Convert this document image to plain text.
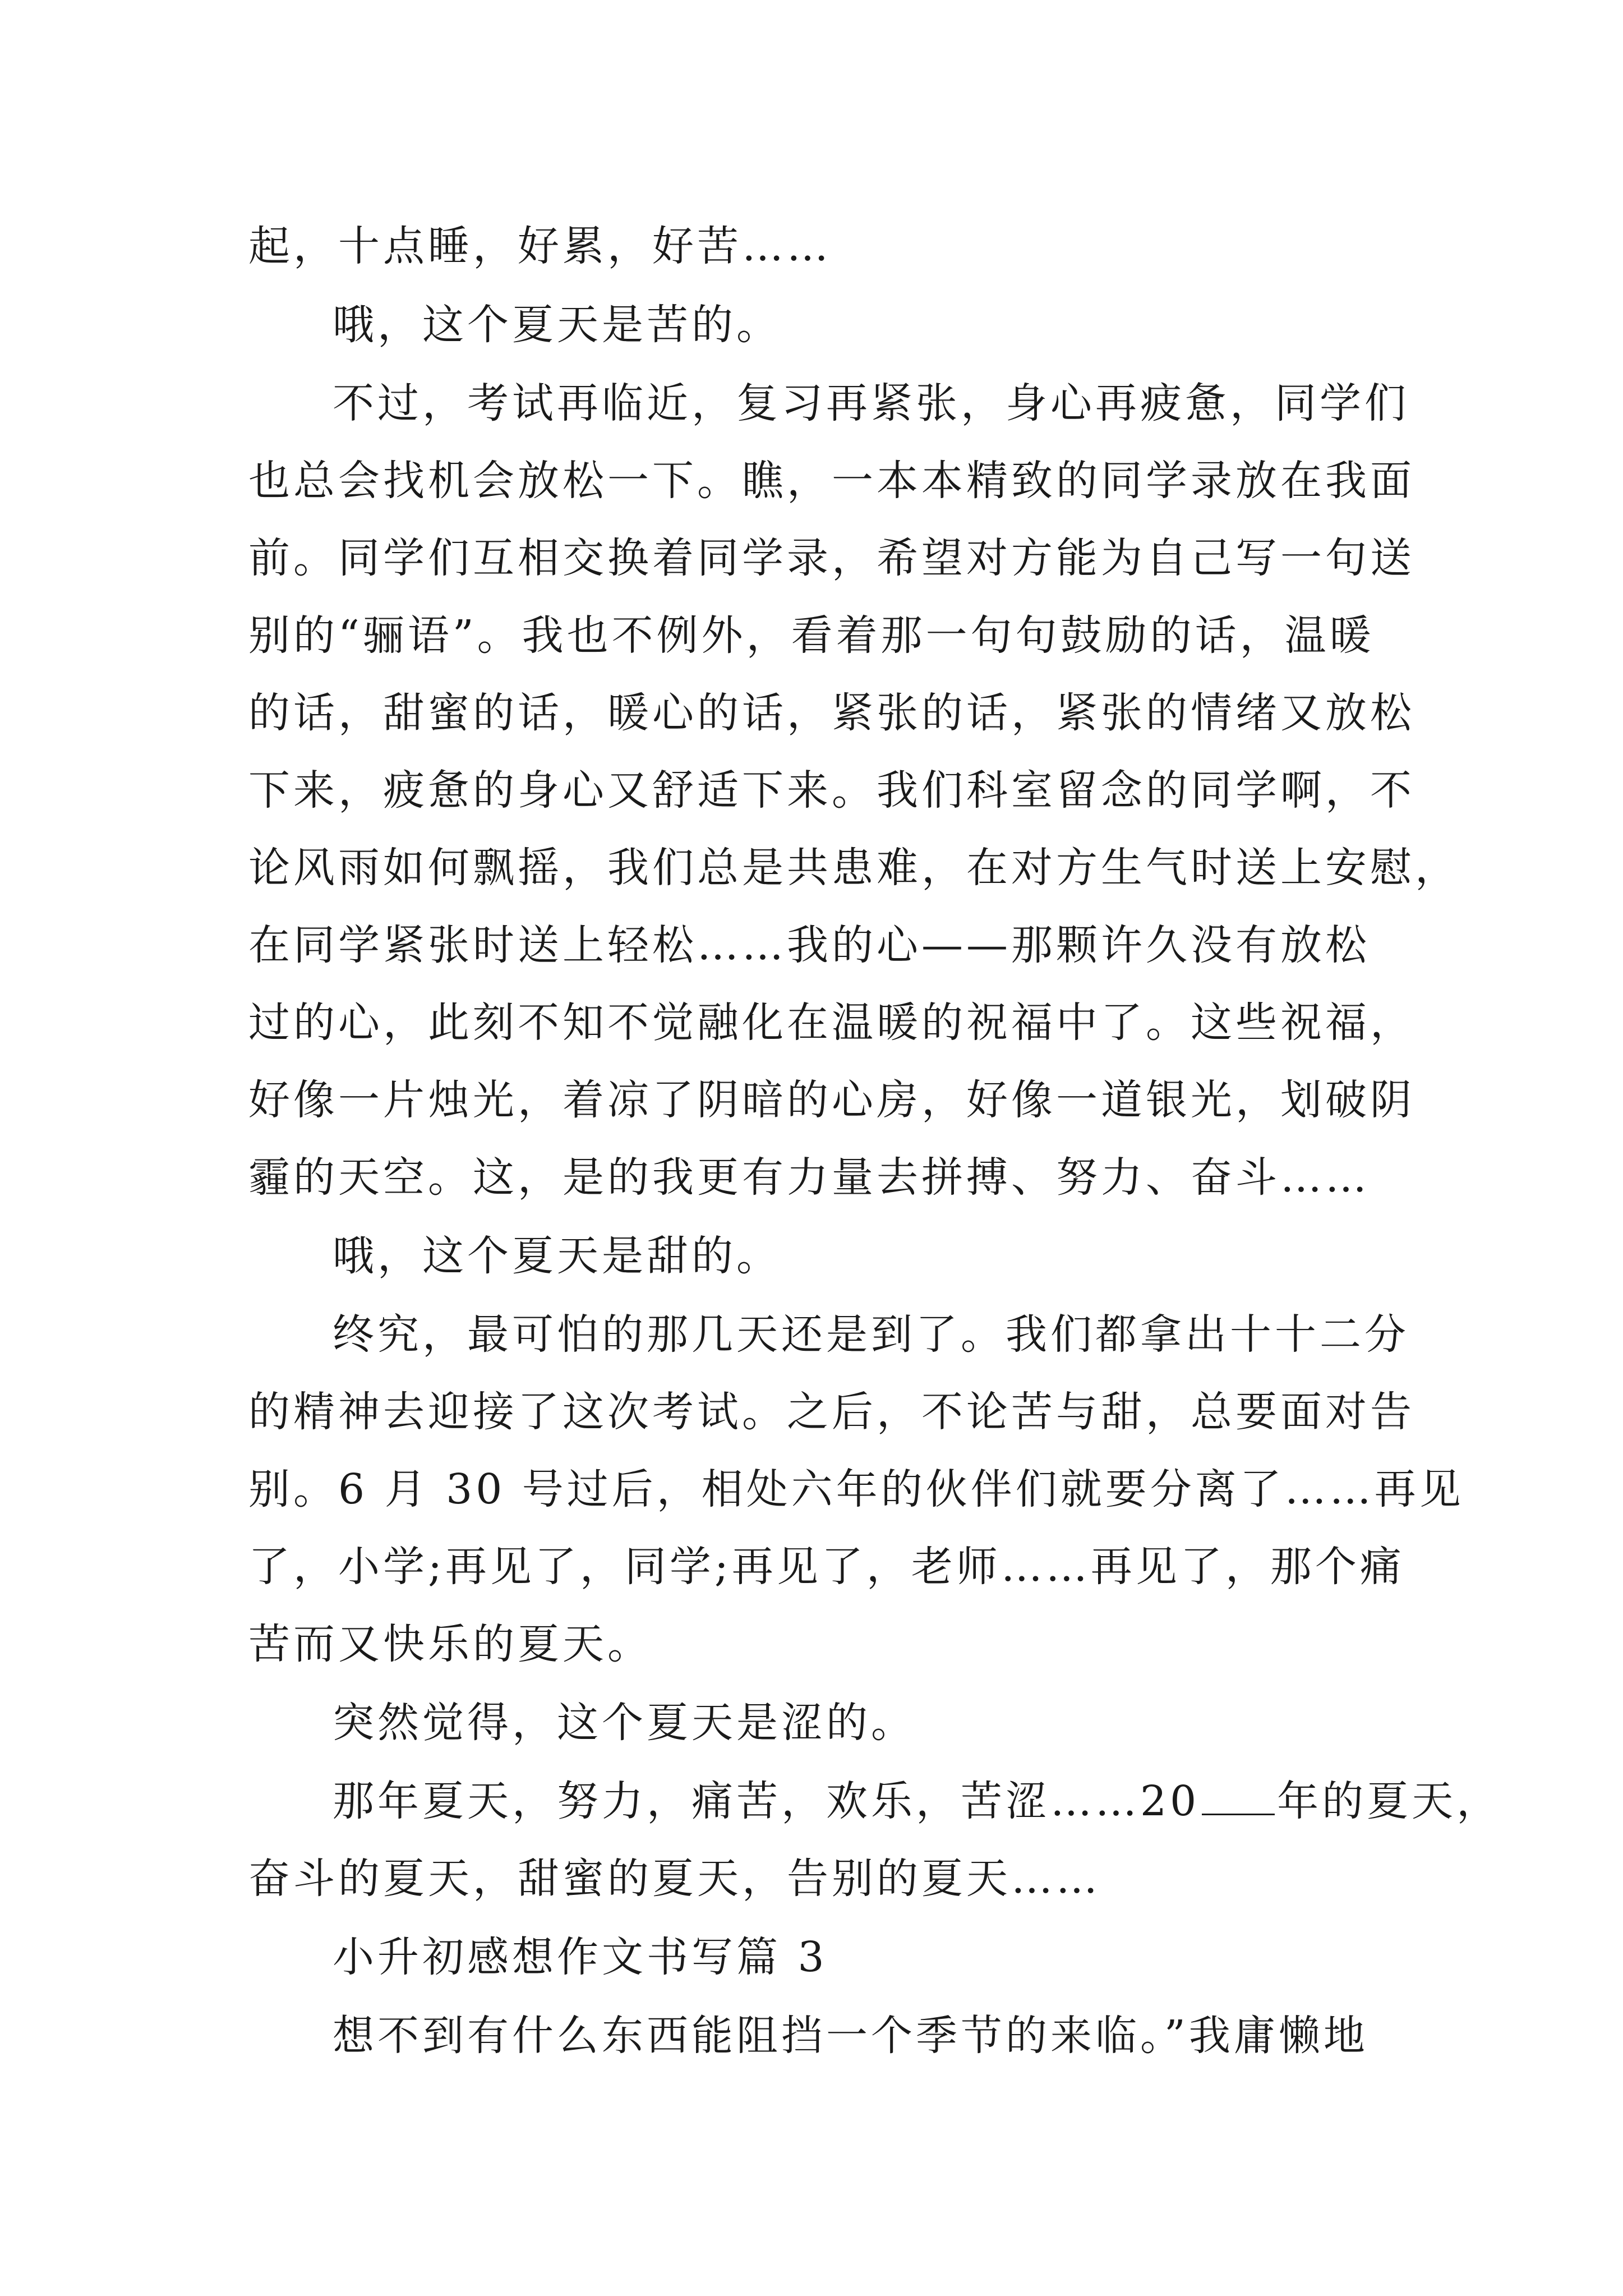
起，十点睡，好累，好苦……
哦，这个夏天是苦的。
不过，考试再临近，复习再紧张，身心再疲惫，同学们
也总会找机会放松一下。瞧，一本本精致的同学录放在我面
前。同学们互相交换着同学录，希望对方能为自己写一句送
别的“骊语”。我也不例外，看着那一句句鼓励的话，温暖
的话，甜蜜的话，暖心的话，紧张的话，紧张的情绪又放松
下来，疲惫的身心又舒适下来。我们科室留念的同学啊，不
论风雨如何飘摇，我们总是共患难，在对方生气时送上安慰，
在同学紧张时送上轻松……我的心——那颗许久没有放松
过的心，此刻不知不觉融化在温暖的祝福中了。这些祝福，
好像一片烛光，着凉了阴暗的心房，好像一道银光，划破阴
霾的天空。这，是的我更有力量去拼搏、努力、奋斗……
哦，这个夏天是甜的。
终究，最可怕的那几天还是到了。我们都拿出十十二分
的精神去迎接了这次考试。之后，不论苦与甜，总要面对告
别。6 月 30 号过后，相处六年的伙伴们就要分离了……再见
了，小学;再见了，同学;再见了，老师……再见了，那个痛
苦而又快乐的夏天。
突然觉得，这个夏天是涩的。
那年夏天，努力，痛苦，欢乐，苦涩……20 年的夏天，
奋斗的夏天，甜蜜的夏天，告别的夏天……
小升初感想作文书写篇 3
想不到有什么东西能阻挡一个季节的来临。”我庸懒地
